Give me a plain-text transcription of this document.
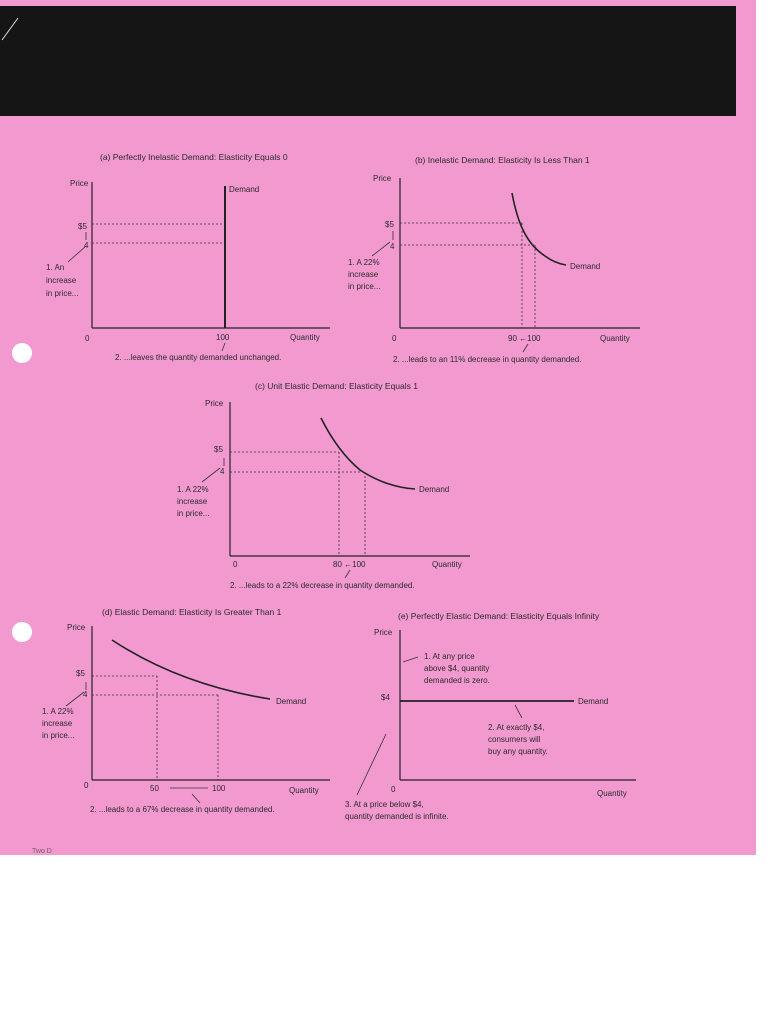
(a) Perfectly Inelastic Demand: Elasticity Equals 0
Price
Demand
$5
4
1. An
increase
in price...
0	100	Quantity
2. ...leaves the quantity demanded unchanged.
(b) Inelastic Demand: Elasticity Is Less Than 1
Price
Demand
$5
4
1. A 22%
increase
in price...
0	90 ←100	Quantity
2. ...leads to an 11% decrease in quantity demanded.
(c) Unit Elastic Demand: Elasticity Equals 1
Price
Demand
$5
4
1. A 22%
increase
in price...
0	80 ←100	Quantity
2. ...leads to a 22% decrease in quantity demanded.
(d) Elastic Demand: Elasticity Is Greater Than 1
Price
Demand
$5
4
1. A 22%
increase
in price...
0	50	100	Quantity
2. ...leads to a 67% decrease in quantity demanded.
(e) Perfectly Elastic Demand: Elasticity Equals Infinity
Price
Demand
$4
1. At any price
above $4, quantity
demanded is zero.
2. At exactly $4,
consumers will
buy any quantity.
0	Quantity
3. At a price below $4,
quantity demanded is infinite.
Two D
